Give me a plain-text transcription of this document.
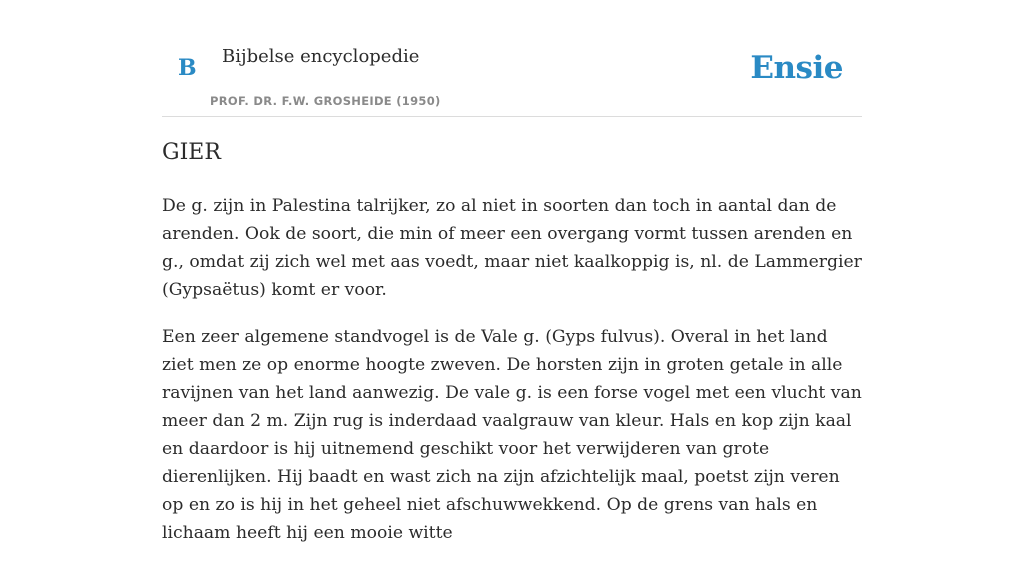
B Bijbelse encyclopedie
PROF. DR. F.W. GROSHEIDE (1950)
Ensie
GIER

De g. zijn in Palestina talrijker, zo al niet in soorten dan toch in aantal dan de arenden. Ook de soort, die min of meer een overgang vormt tussen arenden en g., omdat zij zich wel met aas voedt, maar niet kaalkoppig is, nl. de Lammergier (Gypsaëtus) komt er voor.

Een zeer algemene standvogel is de Vale g. (Gyps fulvus). Overal in het land ziet men ze op enorme hoogte zweven. De horsten zijn in groten getale in alle ravijnen van het land aanwezig. De vale g. is een forse vogel met een vlucht van meer dan 2 m. Zijn rug is inderdaad vaalgrauw van kleur. Hals en kop zijn kaal en daardoor is hij uitnemend geschikt voor het verwijderen van grote dierenlijken. Hij baadt en wast zich na zijn afzichtelijk maal, poetst zijn veren op en zo is hij in het geheel niet afschuwwekkend. Op de grens van hals en lichaam heeft hij een mooie witte
